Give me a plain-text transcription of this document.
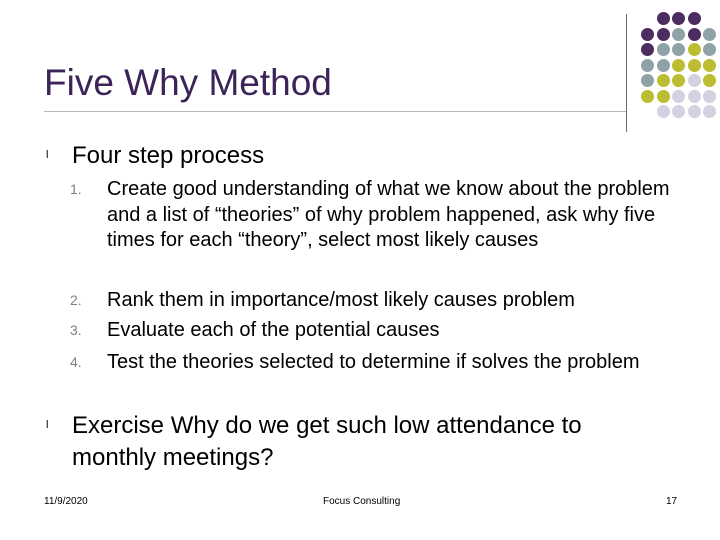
Five Why Method
l Four step process
1. Create good understanding of what we know about the problem and a list of “theories” of why problem happened, ask why five times for each “theory”, select most likely causes
2. Rank them in importance/most likely causes problem
3. Evaluate each of the potential causes
4. Test the theories selected to determine if solves the problem
l Exercise Why do we get such low attendance to monthly meetings?
11/9/2020	Focus Consulting	17
